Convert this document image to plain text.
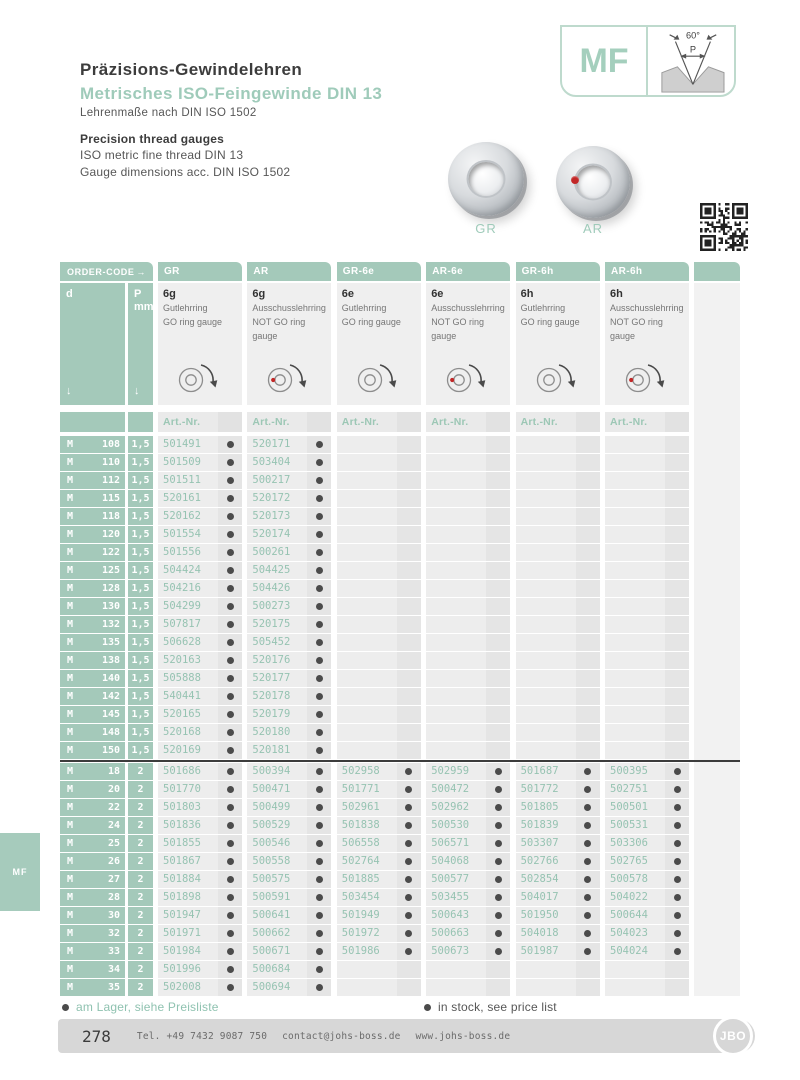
Präzisions-Gewindelehren
Metrisches ISO-Feingewinde DIN 13
Lehrenmaße nach DIN ISO 1502
Precision thread gauges
ISO metric fine thread DIN 13
Gauge dimensions acc. DIN ISO 1502
MF
60°
P
GR	AR
ORDER-CODE →
d
↓
P
mm
↓
6g
Gutlehrring
GO ring gauge
6g
Ausschusslehrring
NOT GO ring gauge
6e
Gutlehrring
GO ring gauge
6e
Ausschusslehrring
NOT GO ring gauge
6h
Gutlehrring
GO ring gauge
6h
Ausschusslehrring
NOT GO ring gauge
Art.-Nr.	Art.-Nr.	Art.-Nr.	Art.-Nr.	Art.-Nr.	Art.-Nr.
M	108	1,5	501491	520171
M	110	1,5	501509	503404
M	112	1,5	501511	500217
M	115	1,5	520161	520172
M	118	1,5	520162	520173
M	120	1,5	501554	520174
M	122	1,5	501556	500261
M	125	1,5	504424	504425
M	128	1,5	504216	504426
M	130	1,5	504299	500273
M	132	1,5	507817	520175
M	135	1,5	506628	505452
M	138	1,5	520163	520176
M	140	1,5	505888	520177
M	142	1,5	540441	520178
M	145	1,5	520165	520179
M	148	1,5	520168	520180
M	150	1,5	520169	520181
M	18	2	501686	500394	502958	502959	501687	500395
M	20	2	501770	500471	501771	500472	501772	502751
M	22	2	501803	500499	502961	502962	501805	500501
M	24	2	501836	500529	501838	500530	501839	500531
M	25	2	501855	500546	506558	506571	503307	503306
M	26	2	501867	500558	502764	504068	502766	502765
M	27	2	501884	500575	501885	500577	502854	500578
M	28	2	501898	500591	503454	503455	504017	504022
M	30	2	501947	500641	501949	500643	501950	500644
M	32	2	501971	500662	501972	500663	504018	504023
M	33	2	501984	500671	501986	500673	501987	504024
M	34	2	501996	500684
M	35	2	502008	500694
GR	AR	GR-6e	AR-6e	GR-6h	AR-6h
am Lager, siehe Preisliste	in stock, see price list
278	Tel. +49 7432 9087 750 contact@johs-boss.de www.johs-boss.de	JBO
MF
